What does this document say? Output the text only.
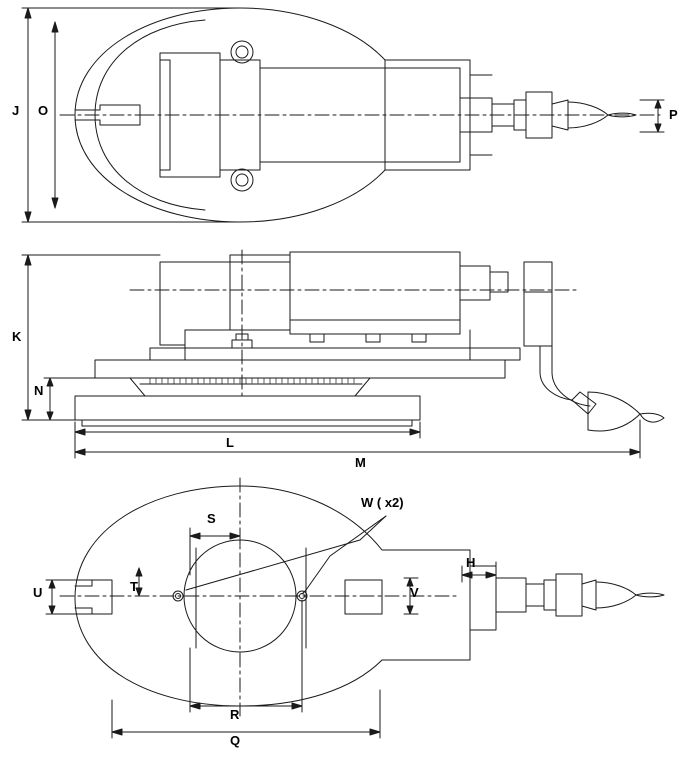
J O	P
K
N
L
M
S
W ( x2)
H
U	T	V
R
Q
